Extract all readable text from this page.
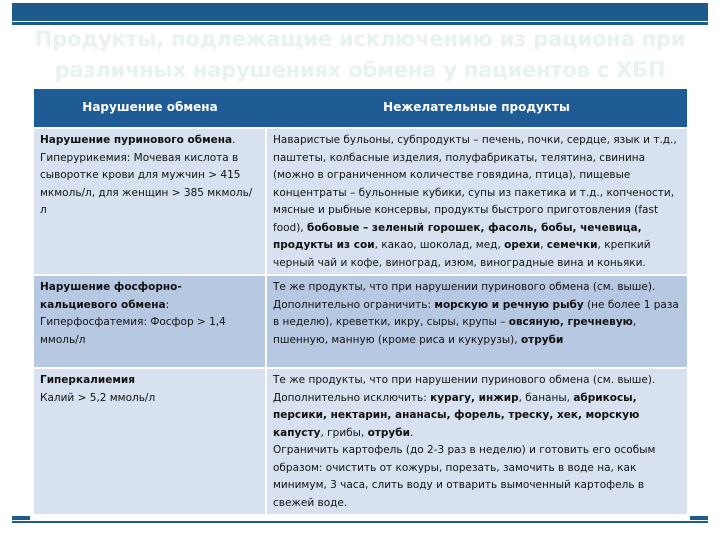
Продукты, подлежащие исключению из рациона при
различных нарушениях обмена у пациентов с ХБП
Нарушение обмена	Нежелательные продукты
Нарушение пуринового обмена.
Гиперурикемия: Мочевая кислота в сыворотке крови для мужчин > 415 мкмоль/л, для женщин > 385 мкмоль/л	Наваристые бульоны, субпродукты – печень, почки, сердце, язык и т.д., паштеты, колбасные изделия, полуфабрикаты, телятина, свинина (можно в ограниченном количестве говядина, птица), пищевые концентраты – бульонные кубики, супы из пакетика и т.д., копчености, мясные и рыбные консервы, продукты быстрого приготовления (fast food), бобовые – зеленый горошек, фасоль, бобы, чечевица, продукты из сои, какао, шоколад, мед, орехи, семечки, крепкий черный чай и кофе, виноград, изюм, виноградные вина и коньяки.
Нарушение фосфорно-кальциевого обмена:
Гиперфосфатемия: Фосфор > 1,4 ммоль/л	Те же продукты, что при нарушении пуринового обмена (см. выше).
Дополнительно ограничить: морскую и речную рыбу (не более 1 раза в неделю), креветки, икру, сыры, крупы – овсяную, гречневую, пшенную, манную (кроме риса и кукурузы), отруби
Гиперкалиемия
Калий > 5,2 ммоль/л	Те же продукты, что при нарушении пуринового обмена (см. выше).
Дополнительно исключить: курагу, инжир, бананы, абрикосы, персики, нектарин, ананасы, форель, треску, хек, морскую капусту, грибы, отруби.
Ограничить картофель (до 2-3 раз в неделю) и готовить его особым образом: очистить от кожуры, порезать, замочить в воде на, как минимум, 3 часа, слить воду и отварить вымоченный картофель в свежей воде.
